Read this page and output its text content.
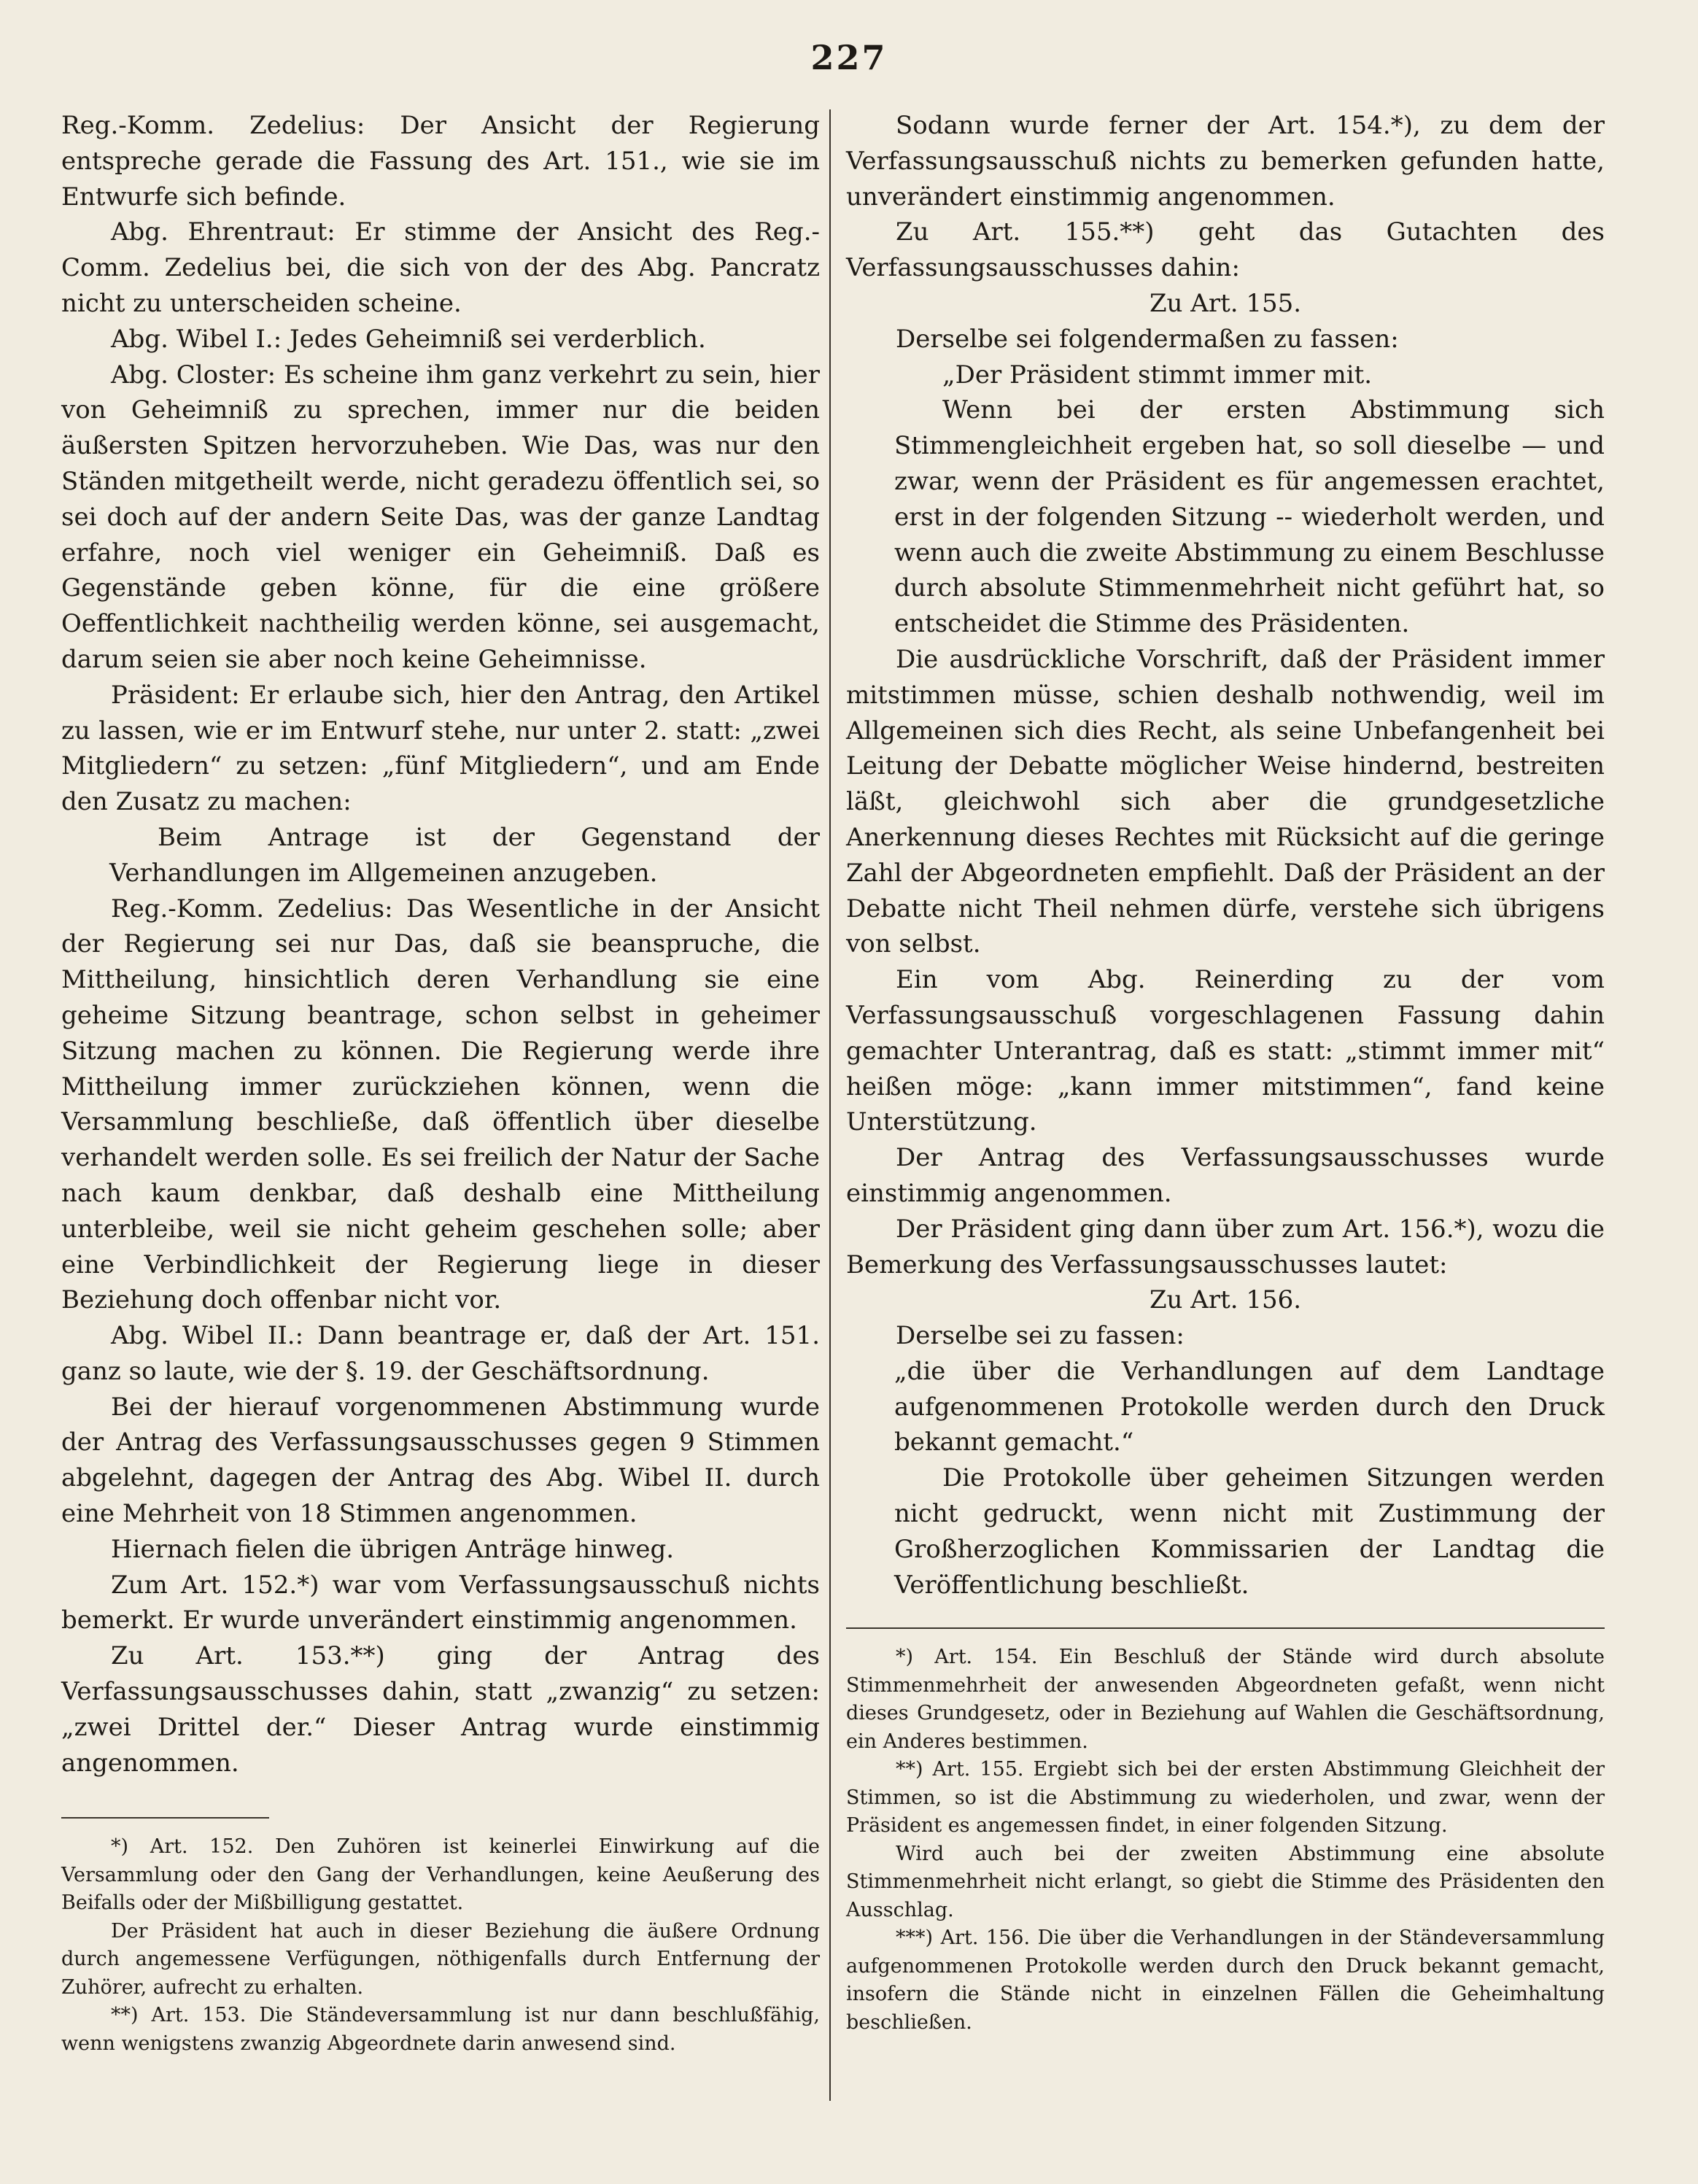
227

Reg.-Komm. Zedelius: Der Ansicht der Regierung entspreche gerade die Fassung des Art. 151., wie sie im Entwurfe sich befinde.

Abg. Ehrentraut: Er stimme der Ansicht des Reg.-Comm. Zedelius bei, die sich von der des Abg. Pancratz nicht zu unterscheiden scheine.

Abg. Wibel I.: Jedes Geheimniß sei verderblich.

Abg. Closter: Es scheine ihm ganz verkehrt zu sein, hier von Geheimniß zu sprechen, immer nur die beiden äußersten Spitzen hervorzuheben. Wie Das, was nur den Ständen mitgetheilt werde, nicht geradezu öffentlich sei, so sei doch auf der andern Seite Das, was der ganze Landtag erfahre, noch viel weniger ein Geheimniß. Daß es Gegenstände geben könne, für die eine größere Oeffentlichkeit nachtheilig werden könne, sei ausgemacht, darum seien sie aber noch keine Geheimnisse.

Präsident: Er erlaube sich, hier den Antrag, den Artikel zu lassen, wie er im Entwurf stehe, nur unter 2. statt: „zwei Mitgliedern“ zu setzen: „fünf Mitgliedern“, und am Ende den Zusatz zu machen:

Beim Antrage ist der Gegenstand der Verhandlungen im Allgemeinen anzugeben.

Reg.-Komm. Zedelius: Das Wesentliche in der Ansicht der Regierung sei nur Das, daß sie beanspruche, die Mittheilung, hinsichtlich deren Verhandlung sie eine geheime Sitzung beantrage, schon selbst in geheimer Sitzung machen zu können. Die Regierung werde ihre Mittheilung immer zurückziehen können, wenn die Versammlung beschließe, daß öffentlich über dieselbe verhandelt werden solle. Es sei freilich der Natur der Sache nach kaum denkbar, daß deshalb eine Mittheilung unterbleibe, weil sie nicht geheim geschehen solle; aber eine Verbindlichkeit der Regierung liege in dieser Beziehung doch offenbar nicht vor.

Abg. Wibel II.: Dann beantrage er, daß der Art. 151. ganz so laute, wie der §. 19. der Geschäftsordnung.

Bei der hierauf vorgenommenen Abstimmung wurde der Antrag des Verfassungsausschusses gegen 9 Stimmen abgelehnt, dagegen der Antrag des Abg. Wibel II. durch eine Mehrheit von 18 Stimmen angenommen.

Hiernach fielen die übrigen Anträge hinweg.

Zum Art. 152.*) war vom Verfassungsausschuß nichts bemerkt. Er wurde unverändert einstimmig angenommen.

Zu Art. 153.**) ging der Antrag des Verfassungsausschusses dahin, statt „zwanzig“ zu setzen: „zwei Drittel der.“ Dieser Antrag wurde einstimmig angenommen.

*) Art. 152. Den Zuhören ist keinerlei Einwirkung auf die Versammlung oder den Gang der Verhandlungen, keine Aeußerung des Beifalls oder der Mißbilligung gestattet.

Der Präsident hat auch in dieser Beziehung die äußere Ordnung durch angemessene Verfügungen, nöthigenfalls durch Entfernung der Zuhörer, aufrecht zu erhalten.

**) Art. 153. Die Ständeversammlung ist nur dann beschlußfähig, wenn wenigstens zwanzig Abgeordnete darin anwesend sind.

Sodann wurde ferner der Art. 154.*), zu dem der Verfassungsausschuß nichts zu bemerken gefunden hatte, unverändert einstimmig angenommen.

Zu Art. 155.**) geht das Gutachten des Verfassungsausschusses dahin:

Zu Art. 155.

Derselbe sei folgendermaßen zu fassen:

„Der Präsident stimmt immer mit.

Wenn bei der ersten Abstimmung sich Stimmengleichheit ergeben hat, so soll dieselbe — und zwar, wenn der Präsident es für angemessen erachtet, erst in der folgenden Sitzung -- wiederholt werden, und wenn auch die zweite Abstimmung zu einem Beschlusse durch absolute Stimmenmehrheit nicht geführt hat, so entscheidet die Stimme des Präsidenten.

Die ausdrückliche Vorschrift, daß der Präsident immer mitstimmen müsse, schien deshalb nothwendig, weil im Allgemeinen sich dies Recht, als seine Unbefangenheit bei Leitung der Debatte möglicher Weise hindernd, bestreiten läßt, gleichwohl sich aber die grundgesetzliche Anerkennung dieses Rechtes mit Rücksicht auf die geringe Zahl der Abgeordneten empfiehlt. Daß der Präsident an der Debatte nicht Theil nehmen dürfe, verstehe sich übrigens von selbst.

Ein vom Abg. Reinerding zu der vom Verfassungsausschuß vorgeschlagenen Fassung dahin gemachter Unterantrag, daß es statt: „stimmt immer mit“ heißen möge: „kann immer mitstimmen“, fand keine Unterstützung.

Der Antrag des Verfassungsausschusses wurde einstimmig angenommen.

Der Präsident ging dann über zum Art. 156.*), wozu die Bemerkung des Verfassungsausschusses lautet:

Zu Art. 156.

Derselbe sei zu fassen:

„die über die Verhandlungen auf dem Landtage aufgenommenen Protokolle werden durch den Druck bekannt gemacht.“

Die Protokolle über geheimen Sitzungen werden nicht gedruckt, wenn nicht mit Zustimmung der Großherzoglichen Kommissarien der Landtag die Veröffentlichung beschließt.

*) Art. 154. Ein Beschluß der Stände wird durch absolute Stimmenmehrheit der anwesenden Abgeordneten gefaßt, wenn nicht dieses Grundgesetz, oder in Beziehung auf Wahlen die Geschäftsordnung, ein Anderes bestimmen.

**) Art. 155. Ergiebt sich bei der ersten Abstimmung Gleichheit der Stimmen, so ist die Abstimmung zu wiederholen, und zwar, wenn der Präsident es angemessen findet, in einer folgenden Sitzung.

Wird auch bei der zweiten Abstimmung eine absolute Stimmenmehrheit nicht erlangt, so giebt die Stimme des Präsidenten den Ausschlag.

***) Art. 156. Die über die Verhandlungen in der Ständeversammlung aufgenommenen Protokolle werden durch den Druck bekannt gemacht, insofern die Stände nicht in einzelnen Fällen die Geheimhaltung beschließen.
